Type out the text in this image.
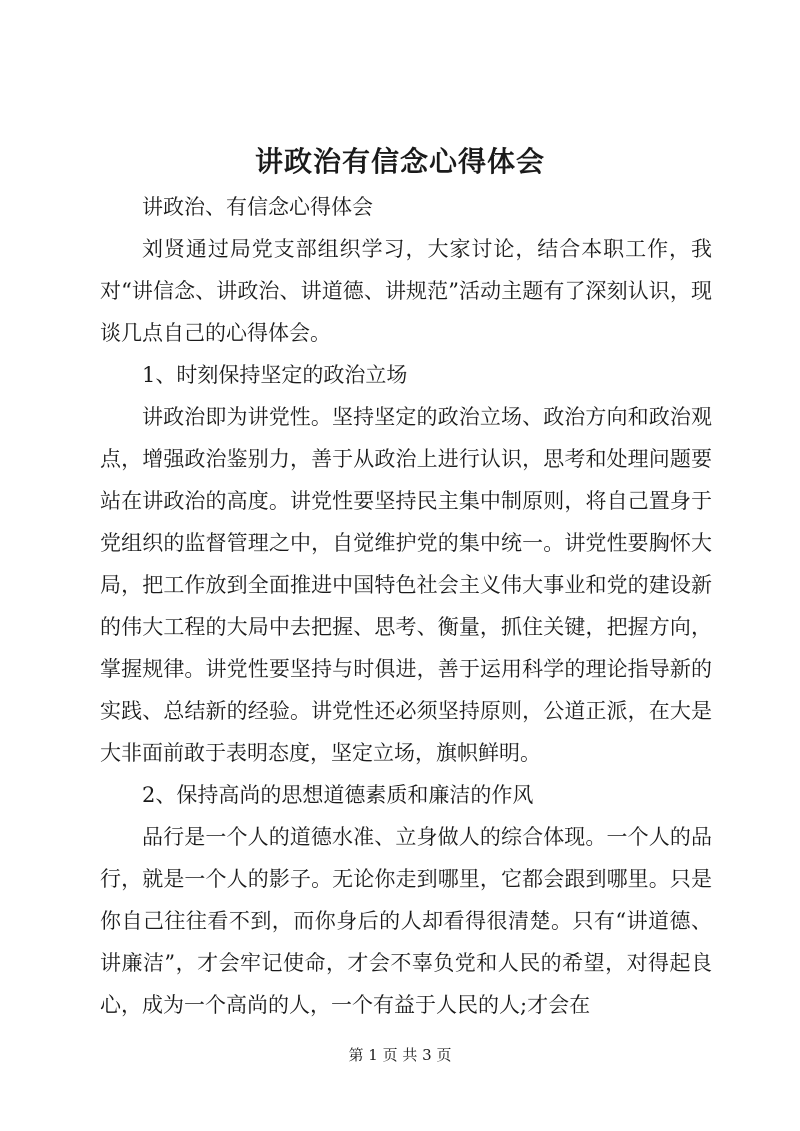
讲政治有信念心得体会

讲政治、有信念心得体会

刘贤通过局党支部组织学习，大家讨论，结合本职工作，我对“讲信念、讲政治、讲道德、讲规范”活动主题有了深刻认识，现谈几点自己的心得体会。

1、时刻保持坚定的政治立场

讲政治即为讲党性。坚持坚定的政治立场、政治方向和政治观点，增强政治鉴别力，善于从政治上进行认识，思考和处理问题要站在讲政治的高度。讲党性要坚持民主集中制原则，将自己置身于党组织的监督管理之中，自觉维护党的集中统一。讲党性要胸怀大局，把工作放到全面推进中国特色社会主义伟大事业和党的建设新的伟大工程的大局中去把握、思考、衡量，抓住关键，把握方向，掌握规律。讲党性要坚持与时俱进，善于运用科学的理论指导新的实践、总结新的经验。讲党性还必须坚持原则，公道正派，在大是大非面前敢于表明态度，坚定立场，旗帜鲜明。

2、保持高尚的思想道德素质和廉洁的作风

品行是一个人的道德水准、立身做人的综合体现。一个人的品行，就是一个人的影子。无论你走到哪里，它都会跟到哪里。只是你自己往往看不到，而你身后的人却看得很清楚。只有“讲道德、讲廉洁”，才会牢记使命，才会不辜负党和人民的希望，对得起良心，成为一个高尚的人，一个有益于人民的人;才会在

第 1 页 共 3 页
